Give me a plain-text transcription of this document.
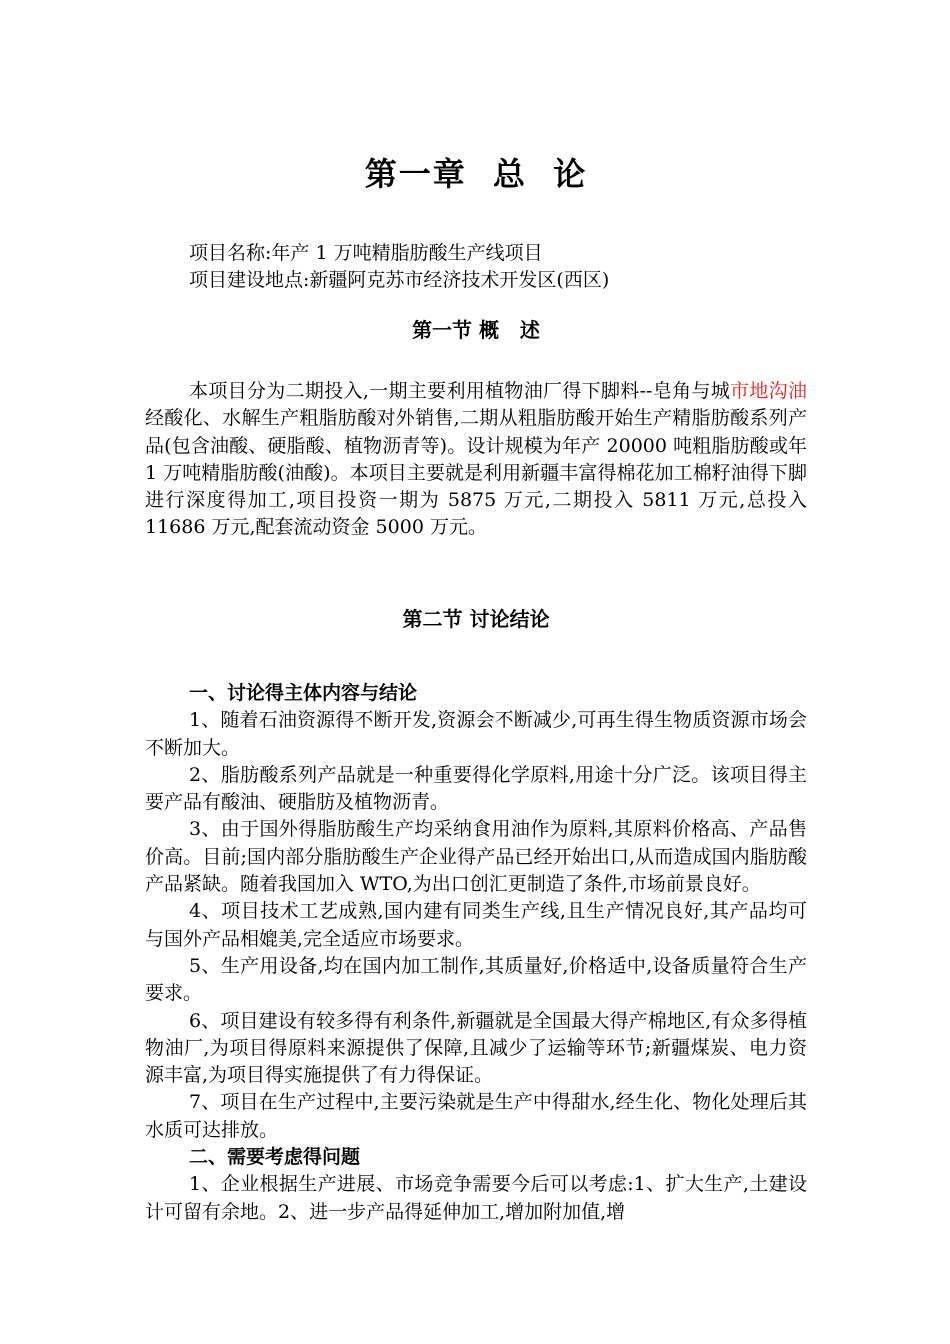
第一章  总  论
项目名称:年产 1 万吨精脂肪酸生产线项目
项目建设地点:新疆阿克苏市经济技术开发区(西区)
第一节 概   述

本项目分为二期投入,一期主要利用植物油厂得下脚料--皂角与城市地沟油经酸化、水解生产粗脂肪酸对外销售,二期从粗脂肪酸开始生产精脂肪酸系列产品(包含油酸、硬脂酸、植物沥青等)。设计规模为年产 20000 吨粗脂肪酸或年 1 万吨精脂肪酸(油酸)。本项目主要就是利用新疆丰富得棉花加工棉籽油得下脚进行深度得加工,项目投资一期为 5875 万元,二期投入 5811 万元,总投入 11686 万元,配套流动资金 5000 万元。

第二节 讨论结论

一、讨论得主体内容与结论

1、随着石油资源得不断开发,资源会不断减少,可再生得生物质资源市场会不断加大。

2、脂肪酸系列产品就是一种重要得化学原料,用途十分广泛。该项目得主要产品有酸油、硬脂肪及植物沥青。

3、由于国外得脂肪酸生产均采纳食用油作为原料,其原料价格高、产品售价高。目前;国内部分脂肪酸生产企业得产品已经开始出口,从而造成国内脂肪酸产品紧缺。随着我国加入 WTO,为出口创汇更制造了条件,市场前景良好。

4、项目技术工艺成熟,国内建有同类生产线,且生产情况良好,其产品均可与国外产品相媲美,完全适应市场要求。

5、生产用设备,均在国内加工制作,其质量好,价格适中,设备质量符合生产要求。

6、项目建设有较多得有利条件,新疆就是全国最大得产棉地区,有众多得植物油厂,为项目得原料来源提供了保障,且减少了运输等环节;新疆煤炭、电力资源丰富,为项目得实施提供了有力得保证。

7、项目在生产过程中,主要污染就是生产中得甜水,经生化、物化处理后其水质可达排放。

二、需要考虑得问题

1、企业根据生产进展、市场竞争需要今后可以考虑:1、扩大生产,土建设计可留有余地。2、进一步产品得延伸加工,增加附加值,增
